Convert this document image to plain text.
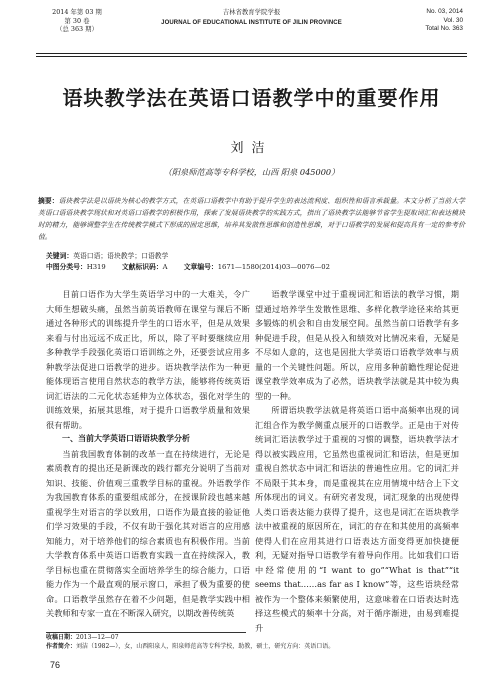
2014 年第 03 期
第 30 卷
（总 363 期）
吉林省教育学院学报
JOURNAL OF EDUCATIONAL INSTITUTE OF JILIN PROVINCE
No. 03, 2014
Vol. 30
Total No. 363
语块教学法在英语口语教学中的重要作用
刘洁
（阳泉师范高等专科学校，山西 阳泉 045000）
摘要：语块教学法是以语块为核心的教学方式，在英语口语教学中有助于提升学生的表达流利度、组织性和语言承载量。本文分析了当前大学英语口语语块教学现状和对英语口语教学的积极作用，探索了发展语块教学的实践方式，指出了语块教学法能够节省学生提取词汇和表达模块时的精力，能够调整学生在传统教学模式下形成的固定思维，培养其发散性思维和创造性思维，对于口语教学的发展和提高具有一定的参考价值。
关键词：英语口语；语块教学；口语教学
中图分类号：H319 文献标识码：A 文章编号：1671—1580(2014)03—0076—02

目前口语作为大学生英语学习中的一大难关，令广大师生想破头痛，虽然当前英语教师在课堂与课后不断通过各种形式的训练提升学生的口语水平，但是从效果来看与付出远远不成正比，所以，除了平时要继续应用多种教学手段强化英语口语训练之外，还要尝试应用多种教学法促进口语教学的进步。语块教学法作为一种更能体现语言使用自然状态的教学方法，能够将传统英语词汇语法的二元化状态延伸为立体状态，强化对学生的训练效果，拓展其思维，对于提升口语教学质量和效果很有帮助。

一、当前大学英语口语语块教学分析

当前我国教育体制的改革一直在持续进行，无论是素质教育的提出还是新课改的践行都充分说明了当前对知识、技能、价值观三重教学目标的重视。外语教学作为我国教育体系的重要组成部分，在授课阶段也越来越重视学生对语言的学以致用，口语作为最直接的验证他们学习效果的手段，不仅有助于强化其对语言的应用感知能力，对于培养他们的综合素质也有积极作用。当前大学教育体系中英语口语教育实践一直在持续深入，教学目标也重在贯彻落实全面培养学生的综合能力，口语能力作为一个最直观的展示窗口，承担了极为重要的使命。口语教学虽然存在着不少问题，但是教学实践中相关教师和专家一直在不断深入研究，以期改善传统英

语教学课堂中过于重视词汇和语法的教学习惯，期望通过培养学生发散性思维、多样化教学途径来给其更多锻炼的机会和自由发展空间。虽然当前口语教学有多种促进手段，但是从投入和绩效对比情况来看，无疑是不尽如人意的，这也是因批大学英语口语教学效率与质量的一个关键性问题。所以，应用多种前瞻性理论促进课堂教学效率成为了必然，语块教学法就是其中较为典型的一种。

所谓语块教学法就是将英语口语中高频率出现的词汇组合作为教学侧重点展开的口语教学。正是由于对传统词汇语法教学过于重视的习惯的调整，语块教学法才得以被实践应用，它虽然也重视词汇和语法，但是更加重视自然状态中词汇和语法的普遍性应用。它的词汇并不局限于其本身，而是重视其在应用情境中结合上下文所体现出的词义。有研究者发现，词汇现象的出现使得人类口语表达能力获得了提升，这也是词汇在语块教学法中被重视的原因所在，词汇的存在和其使用的高频率使得人们在应用其进行口语表达方面变得更加快捷便利，无疑对指导口语教学有着导向作用。比如我们口语中经常使用的“I want to go”“What is that”“it seems that……as far as I know”等，这些语块经常被作为一个整体来频繁使用，这意味着在口语表达时选择这些模式的频率十分高，对于循序渐进，由易到难提升

收稿日期：2013—12—07
作者简介：刘洁（1982—），女，山西阳泉人，阳泉师范高等专科学校，助教，硕士，研究方向：英语口语。
76
